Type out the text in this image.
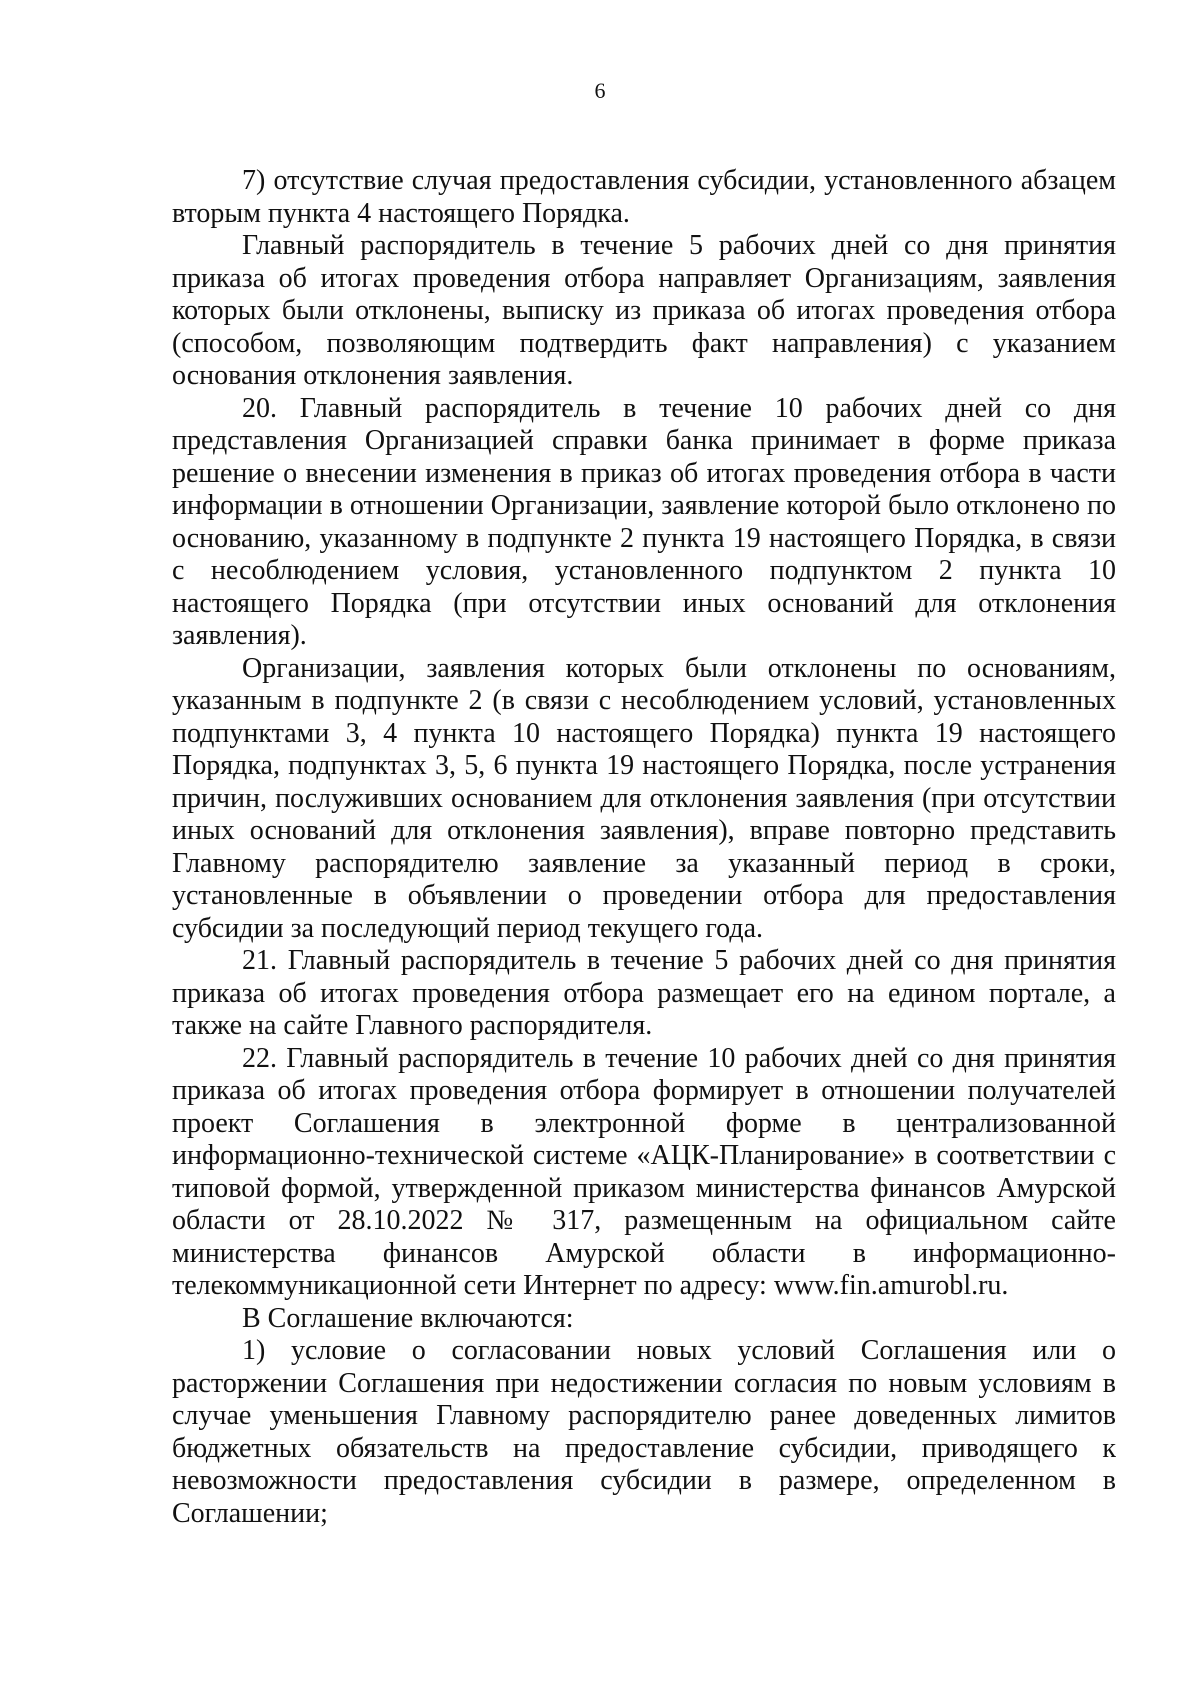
6

7) отсутствие случая предоставления субсидии, установленного абзацем вторым пункта 4 настоящего Порядка.

Главный распорядитель в течение 5 рабочих дней со дня принятия приказа об итогах проведения отбора направляет Организациям, заявления которых были отклонены, выписку из приказа об итогах проведения отбора (способом, позволяющим подтвердить факт направления) с указанием основания отклонения заявления.

20. Главный распорядитель в течение 10 рабочих дней со дня представления Организацией справки банка принимает в форме приказа решение о внесении изменения в приказ об итогах проведения отбора в части информации в отношении Организации, заявление которой было отклонено по основанию, указанному в подпункте 2 пункта 19 настоящего Порядка, в связи с несоблюдением условия, установленного подпунктом 2 пункта 10 настоящего Порядка (при отсутствии иных оснований для отклонения заявления).

Организации, заявления которых были отклонены по основаниям, указанным в подпункте 2 (в связи с несоблюдением условий, установленных подпунктами 3, 4 пункта 10 настоящего Порядка) пункта 19 настоящего Порядка, подпунктах 3, 5, 6 пункта 19 настоящего Порядка, после устранения причин, послуживших основанием для отклонения заявления (при отсутствии иных оснований для отклонения заявления), вправе повторно представить Главному распорядителю заявление за указанный период в сроки, установленные в объявлении о проведении отбора для предоставления субсидии за последующий период текущего года.

21. Главный распорядитель в течение 5 рабочих дней со дня принятия приказа об итогах проведения отбора размещает его на едином портале, а также на сайте Главного распорядителя.

22. Главный распорядитель в течение 10 рабочих дней со дня принятия приказа об итогах проведения отбора формирует в отношении получателей проект Соглашения в электронной форме в централизованной информационно-технической системе «АЦК-Планирование» в соответствии с типовой формой, утвержденной приказом министерства финансов Амурской области от 28.10.2022 № 317, размещенным на официальном сайте министерства финансов Амурской области в информационно-телекоммуникационной сети Интернет по адресу: www.fin.amurobl.ru.

В Соглашение включаются:

1) условие о согласовании новых условий Соглашения или о расторжении Соглашения при недостижении согласия по новым условиям в случае уменьшения Главному распорядителю ранее доведенных лимитов бюджетных обязательств на предоставление субсидии, приводящего к невозможности предоставления субсидии в размере, определенном в Соглашении;
